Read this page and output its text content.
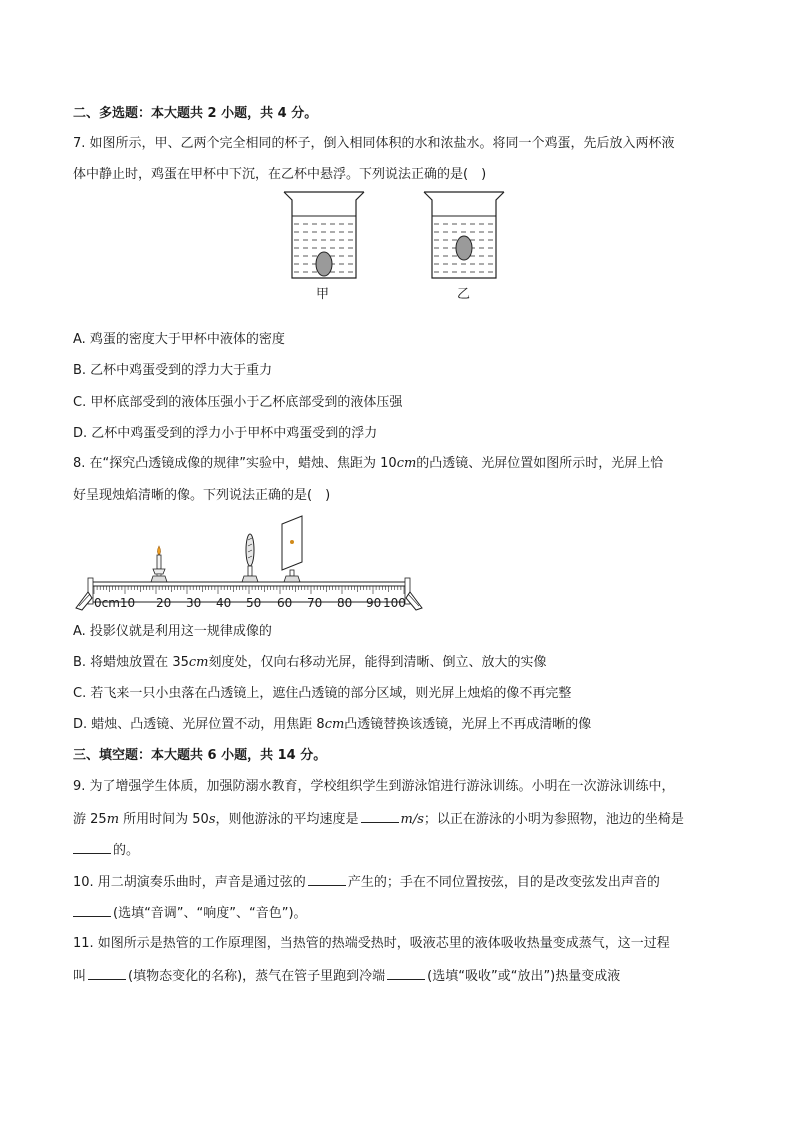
二、多选题：本大题共 2 小题，共 4 分。
7. 如图所示，甲、乙两个完全相同的杯子，倒入相同体积的水和浓盐水。将同一个鸡蛋，先后放入两杯液
体中静止时，鸡蛋在甲杯中下沉，在乙杯中悬浮。下列说法正确的是(　)
甲	乙
A. 鸡蛋的密度大于甲杯中液体的密度
B. 乙杯中鸡蛋受到的浮力大于重力
C. 甲杯底部受到的液体压强小于乙杯底部受到的液体压强
D. 乙杯中鸡蛋受到的浮力小于甲杯中鸡蛋受到的浮力
8. 在“探究凸透镜成像的规律”实验中，蜡烛、焦距为 10cm的凸透镜、光屏位置如图所示时，光屏上恰
好呈现烛焰清晰的像。下列说法正确的是(　)
0cm10 20 30 40 50 60 70 80 90 100
A. 投影仪就是利用这一规律成像的
B. 将蜡烛放置在 35cm刻度处，仅向右移动光屏，能得到清晰、倒立、放大的实像
C. 若飞来一只小虫落在凸透镜上，遮住凸透镜的部分区域，则光屏上烛焰的像不再完整
D. 蜡烛、凸透镜、光屏位置不动，用焦距 8cm凸透镜替换该透镜，光屏上不再成清晰的像
三、填空题：本大题共 6 小题，共 14 分。
9. 为了增强学生体质，加强防溺水教育，学校组织学生到游泳馆进行游泳训练。小明在一次游泳训练中，
游 25m 所用时间为 50s，则他游泳的平均速度是	m/s；以正在游泳的小明为参照物，池边的坐椅是
的。
10. 用二胡演奏乐曲时，声音是通过弦的	产生的；手在不同位置按弦，目的是改变弦发出声音的
(选填“音调”、“响度”、“音色”)。
11. 如图所示是热管的工作原理图，当热管的热端受热时，吸液芯里的液体吸收热量变成蒸气，这一过程
叫	(填物态变化的名称)，蒸气在管子里跑到冷端	(选填“吸收”或“放出”)热量变成液
